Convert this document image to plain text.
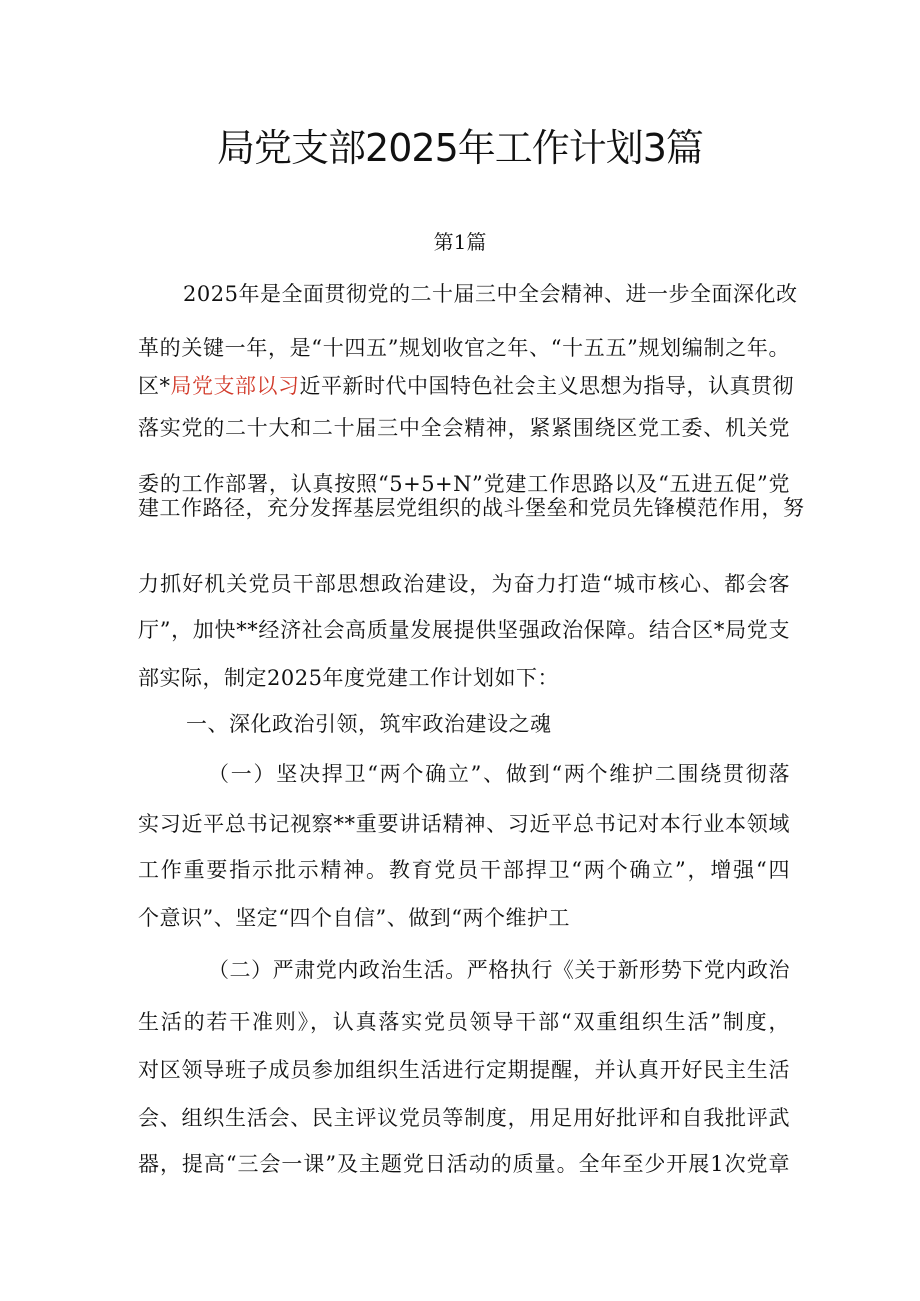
局党支部2025年工作计划3篇

第1篇

2025年是全面贯彻党的二十届三中全会精神、进一步全面深化改

革的关键一年，是“十四五”规划收官之年、“十五五”规划编制之年。

区*局党支部以习近平新时代中国特色社会主义思想为指导，认真贯彻

落实党的二十大和二十届三中全会精神，紧紧围绕区党工委、机关党

委的工作部署，认真按照“5+5+N”党建工作思路以及“五进五促”党

建工作路径，充分发挥基层党组织的战斗堡垒和党员先锋模范作用，努

力抓好机关党员干部思想政治建设，为奋力打造“城市核心、都会客

厅”，加快**经济社会高质量发展提供坚强政治保障。结合区*局党支

部实际，制定2025年度党建工作计划如下：

一、深化政治引领，筑牢政治建设之魂

（一）坚决捍卫“两个确立”、做到“两个维护二围绕贯彻落

实习近平总书记视察**重要讲话精神、习近平总书记对本行业本领域

工作重要指示批示精神。教育党员干部捍卫“两个确立”，增强“四

个意识”、坚定“四个自信”、做到“两个维护工

（二）严肃党内政治生活。严格执行《关于新形势下党内政治

生活的若干准则》，认真落实党员领导干部“双重组织生活”制度，

对区领导班子成员参加组织生活进行定期提醒，并认真开好民主生活

会、组织生活会、民主评议党员等制度，用足用好批评和自我批评武

器，提高“三会一课”及主题党日活动的质量。全年至少开展1次党章
